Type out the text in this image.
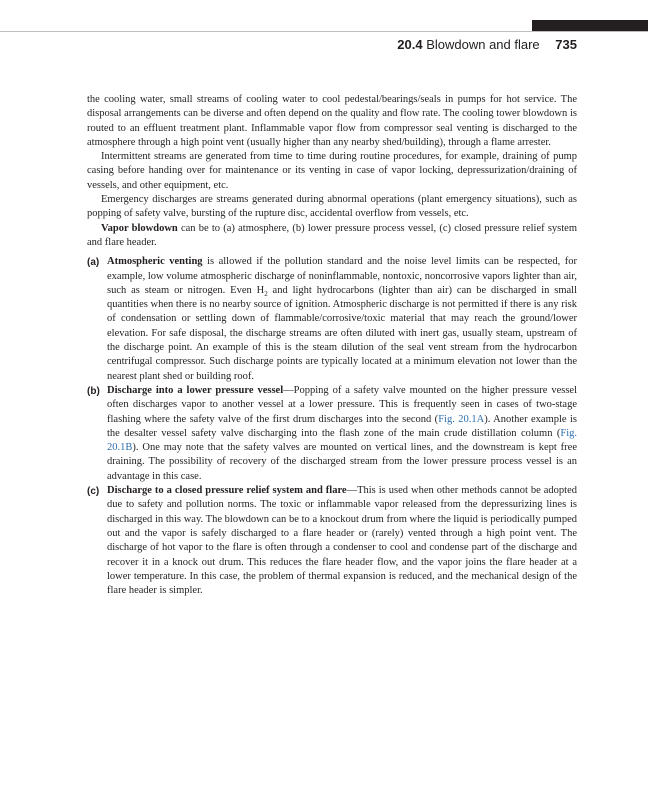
20.4 Blowdown and flare 735

the cooling water, small streams of cooling water to cool pedestal/bearings/seals in pumps for hot service. The disposal arrangements can be diverse and often depend on the quality and flow rate. The cooling tower blowdown is routed to an effluent treatment plant. Inflammable vapor flow from compressor seal venting is discharged to the atmosphere through a high point vent (usually higher than any nearby shed/building), through a flame arrester.

Intermittent streams are generated from time to time during routine procedures, for example, draining of pump casing before handing over for maintenance or its venting in case of vapor locking, depressurization/draining of vessels, and other equipment, etc.

Emergency discharges are streams generated during abnormal operations (plant emergency situations), such as popping of safety valve, bursting of the rupture disc, accidental overflow from vessels, etc.

Vapor blowdown can be to (a) atmosphere, (b) lower pressure process vessel, (c) closed pressure relief system and flare header.

(a) Atmospheric venting is allowed if the pollution standard and the noise level limits can be respected, for example, low volume atmospheric discharge of noninflammable, nontoxic, noncorrosive vapors lighter than air, such as steam or nitrogen. Even $H_2$ and light hydrocarbons (lighter than air) can be discharged in small quantities when there is no nearby source of ignition. Atmospheric discharge is not permitted if there is any risk of condensation or settling down of flammable/corrosive/toxic material that may reach the ground/lower elevation. For safe disposal, the discharge streams are often diluted with inert gas, usually steam, upstream of the discharge point. An example of this is the steam dilution of the seal vent stream from the hydrocarbon centrifugal compressor. Such discharge points are typically located at a minimum elevation not lower than the nearest plant shed or building roof.

(b) Discharge into a lower pressure vessel—Popping of a safety valve mounted on the higher pressure vessel often discharges vapor to another vessel at a lower pressure. This is frequently seen in cases of two-stage flashing where the safety valve of the first drum discharges into the second (Fig. 20.1A). Another example is the desalter vessel safety valve discharging into the flash zone of the main crude distillation column (Fig. 20.1B). One may note that the safety valves are mounted on vertical lines, and the downstream is kept free draining. The possibility of recovery of the discharged stream from the lower pressure process vessel is an advantage in this case.

(c) Discharge to a closed pressure relief system and flare—This is used when other methods cannot be adopted due to safety and pollution norms. The toxic or inflammable vapor released from the depressurizing lines is discharged in this way. The blowdown can be to a knockout drum from where the liquid is periodically pumped out and the vapor is safely discharged to a flare header or (rarely) vented through a high point vent. The discharge of hot vapor to the flare is often through a condenser to cool and condense part of the discharge and recover it in a knock out drum. This reduces the flare header flow, and the vapor joins the flare header at a lower temperature. In this case, the problem of thermal expansion is reduced, and the mechanical design of the flare header is simpler.
